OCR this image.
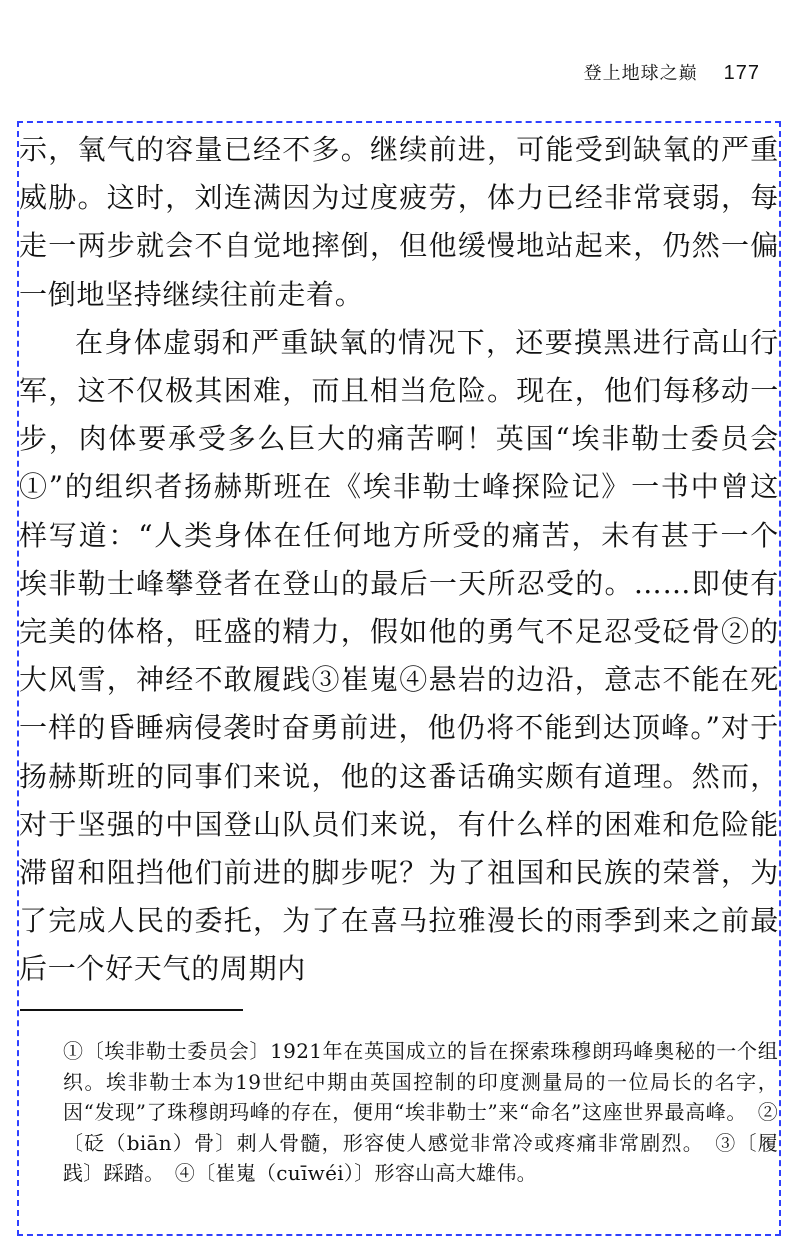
登上地球之巅 177

示，氧气的容量已经不多。继续前进，可能受到缺氧的严重威胁。这时，刘连满因为过度疲劳，体力已经非常衰弱，每走一两步就会不自觉地摔倒，但他缓慢地站起来，仍然一偏一倒地坚持继续往前走着。

在身体虚弱和严重缺氧的情况下，还要摸黑进行高山行军，这不仅极其困难，而且相当危险。现在，他们每移动一步，肉体要承受多么巨大的痛苦啊！英国“埃非勒士委员会①”的组织者扬赫斯班在《埃非勒士峰探险记》一书中曾这样写道：“人类身体在任何地方所受的痛苦，未有甚于一个埃非勒士峰攀登者在登山的最后一天所忍受的。……即使有完美的体格，旺盛的精力，假如他的勇气不足忍受砭骨②的大风雪，神经不敢履践③崔嵬④悬岩的边沿，意志不能在死一样的昏睡病侵袭时奋勇前进，他仍将不能到达顶峰。”对于扬赫斯班的同事们来说，他的这番话确实颇有道理。然而，对于坚强的中国登山队员们来说，有什么样的困难和危险能滞留和阻挡他们前进的脚步呢？为了祖国和民族的荣誉，为了完成人民的委托，为了在喜马拉雅漫长的雨季到来之前最后一个好天气的周期内

①〔埃非勒士委员会〕1921年在英国成立的旨在探索珠穆朗玛峰奥秘的一个组织。埃非勒士本为19世纪中期由英国控制的印度测量局的一位局长的名字，因“发现”了珠穆朗玛峰的存在，便用“埃非勒士”来“命名”这座世界最高峰。　②〔砭（biān）骨〕刺人骨髓，形容使人感觉非常冷或疼痛非常剧烈。　③〔履践〕踩踏。　④〔崔嵬（cuīwéi）〕形容山高大雄伟。
